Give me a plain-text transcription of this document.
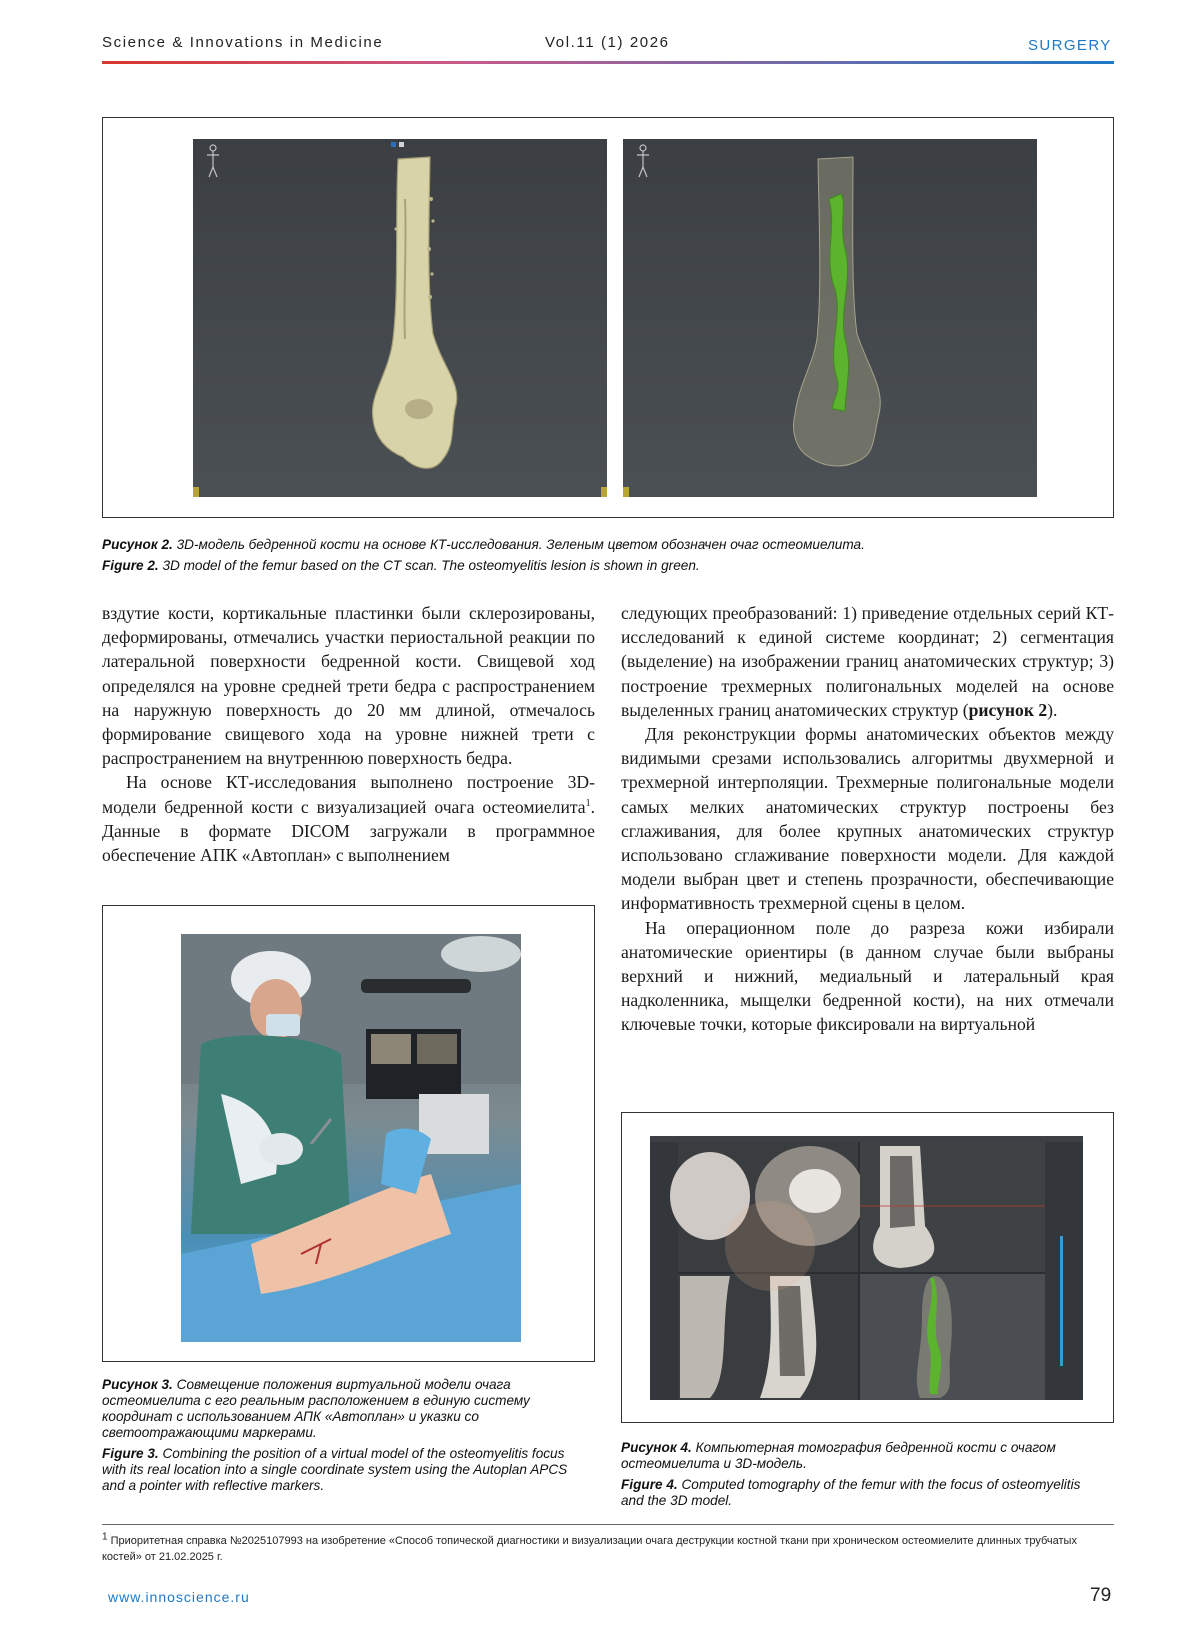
Science & Innovations in Medicine	Vol.11 (1) 2026	SURGERY
Рисунок 2. 3D-модель бедренной кости на основе КТ-исследования. Зеленым цветом обозначен очаг остеомиелита.
Figure 2. 3D model of the femur based on the CT scan. The osteomyelitis lesion is shown in green.

вздутие кости, кортикальные пластинки были склерозированы, деформированы, отмечались участки периостальной реакции по латеральной поверхности бедренной кости. Свищевой ход определялся на уровне средней трети бедра с распространением на наружную поверхность до 20 мм длиной, отмечалось формирование свищевого хода на уровне нижней трети с распространением на внутреннюю поверхность бедра.

На основе КТ-исследования выполнено построение 3D-модели бедренной кости с визуализацией очага остеомиелита$^1$. Данные в формате DICOM загружали в программное обеспечение АПК «Автоплан» с выполнением

следующих преобразований: 1) приведение отдельных серий КТ-исследований к единой системе координат; 2) сегментация (выделение) на изображении границ анатомических структур; 3) построение трехмерных полигональных моделей на основе выделенных границ анатомических структур (рисунок 2).

Для реконструкции формы анатомических объектов между видимыми срезами использовались алгоритмы двухмерной и трехмерной интерполяции. Трехмерные полигональные модели самых мелких анатомических структур построены без сглаживания, для более крупных анатомических структур использовано сглаживание поверхности модели. Для каждой модели выбран цвет и степень прозрачности, обеспечивающие информативность трехмерной сцены в целом.

На операционном поле до разреза кожи избирали анатомические ориентиры (в данном случае были выбраны верхний и нижний, медиальный и латеральный края надколенника, мыщелки бедренной кости), на них отмечали ключевые точки, которые фиксировали на виртуальной

Рисунок 3. Совмещение положения виртуальной модели очага остеомиелита с его реальным расположением в единую систему координат с использованием АПК «Автоплан» и указки со светоотражающими маркерами.
Figure 3. Combining the position of a virtual model of the osteomyelitis focus with its real location into a single coordinate system using the Autoplan APCS and a pointer with reflective markers.
Рисунок 4. Компьютерная томография бедренной кости с очагом остеомиелита и 3D-модель.
Figure 4. Computed tomography of the femur with the focus of osteomyelitis and the 3D model.
$^1$ Приоритетная справка №2025107993 на изобретение «Способ топической диагностики и визуализации очага деструкции костной ткани при хроническом остеомиелите длинных трубчатых костей» от 21.02.2025 г.
www.innoscience.ru	79
